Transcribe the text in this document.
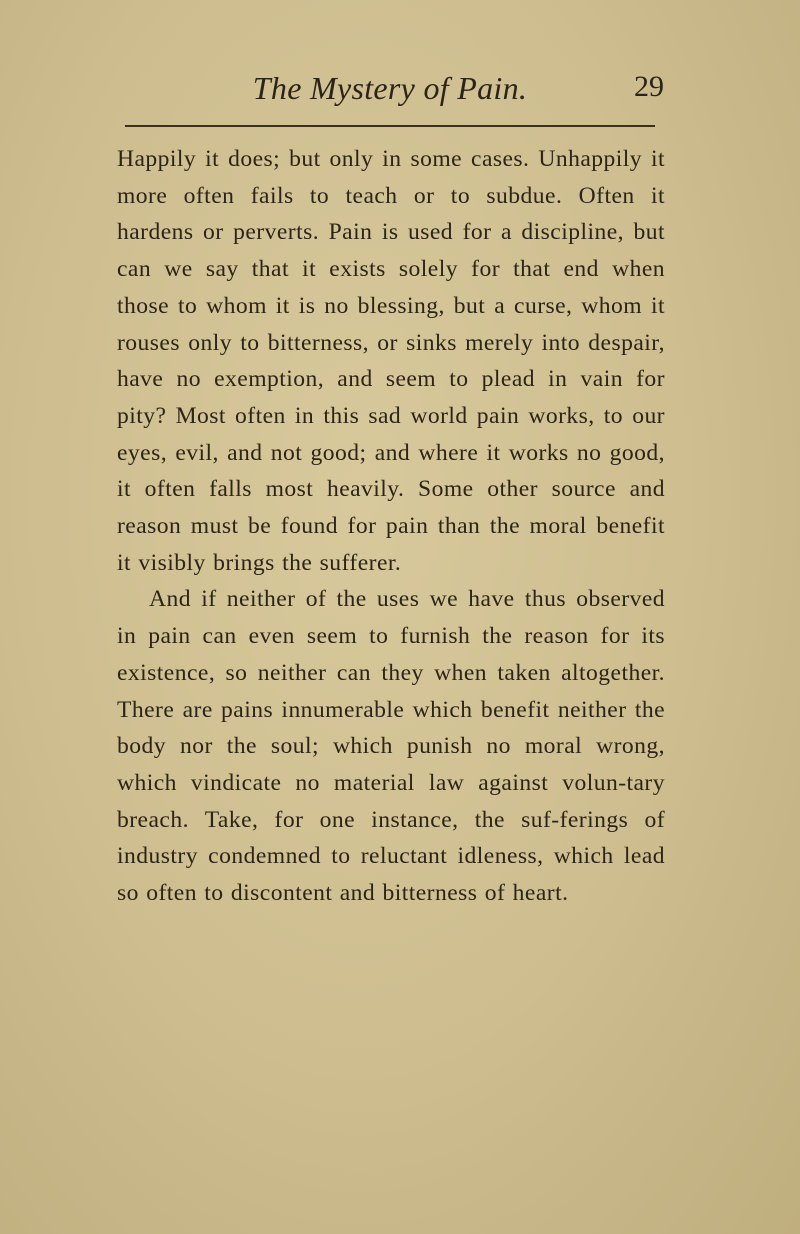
The Mystery of Pain.	29

Happily it does; but only in some cases. Unhappily it more often fails to teach or to subdue. Often it hardens or perverts. Pain is used for a discipline, but can we say that it exists solely for that end when those to whom it is no blessing, but a curse, whom it rouses only to bitterness, or sinks merely into despair, have no exemption, and seem to plead in vain for pity? Most often in this sad world pain works, to our eyes, evil, and not good; and where it works no good, it often falls most heavily. Some other source and reason must be found for pain than the moral benefit it visibly brings the sufferer.

And if neither of the uses we have thus observed in pain can even seem to furnish the reason for its existence, so neither can they when taken altogether. There are pains innumerable which benefit neither the body nor the soul; which punish no moral wrong, which vindicate no material law against volun-tary breach. Take, for one instance, the suf-ferings of industry condemned to reluctant idleness, which lead so often to discontent and bitterness of heart.
